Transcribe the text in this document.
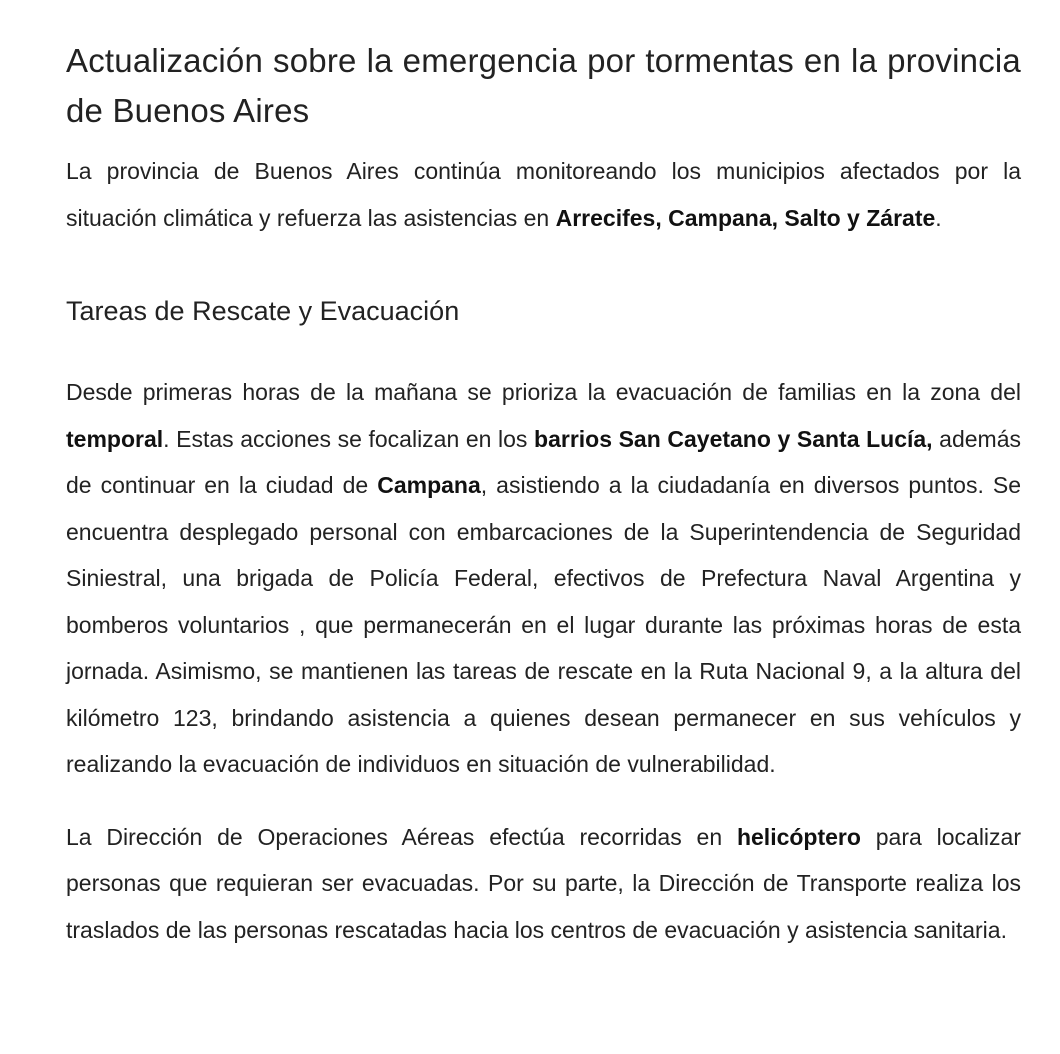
Actualización sobre la emergencia por tormentas en la provincia de Buenos Aires

La provincia de Buenos Aires continúa monitoreando los municipios afectados por la situación climática y refuerza las asistencias en Arrecifes, Campana, Salto y Zárate.

Tareas de Rescate y Evacuación

Desde primeras horas de la mañana se prioriza la evacuación de familias en la zona del temporal. Estas acciones se focalizan en los barrios San Cayetano y Santa Lucía, además de continuar en la ciudad de Campana, asistiendo a la ciudadanía en diversos puntos. Se encuentra desplegado personal con embarcaciones de la Superintendencia de Seguridad Siniestral, una brigada de Policía Federal, efectivos de Prefectura Naval Argentina y bomberos voluntarios , que permanecerán en el lugar durante las próximas horas de esta jornada. Asimismo, se mantienen las tareas de rescate en la Ruta Nacional 9, a la altura del kilómetro 123, brindando asistencia a quienes desean permanecer en sus vehículos y realizando la evacuación de individuos en situación de vulnerabilidad.

La Dirección de Operaciones Aéreas efectúa recorridas en helicóptero para localizar personas que requieran ser evacuadas. Por su parte, la Dirección de Transporte realiza los traslados de las personas rescatadas hacia los centros de evacuación y asistencia sanitaria.
